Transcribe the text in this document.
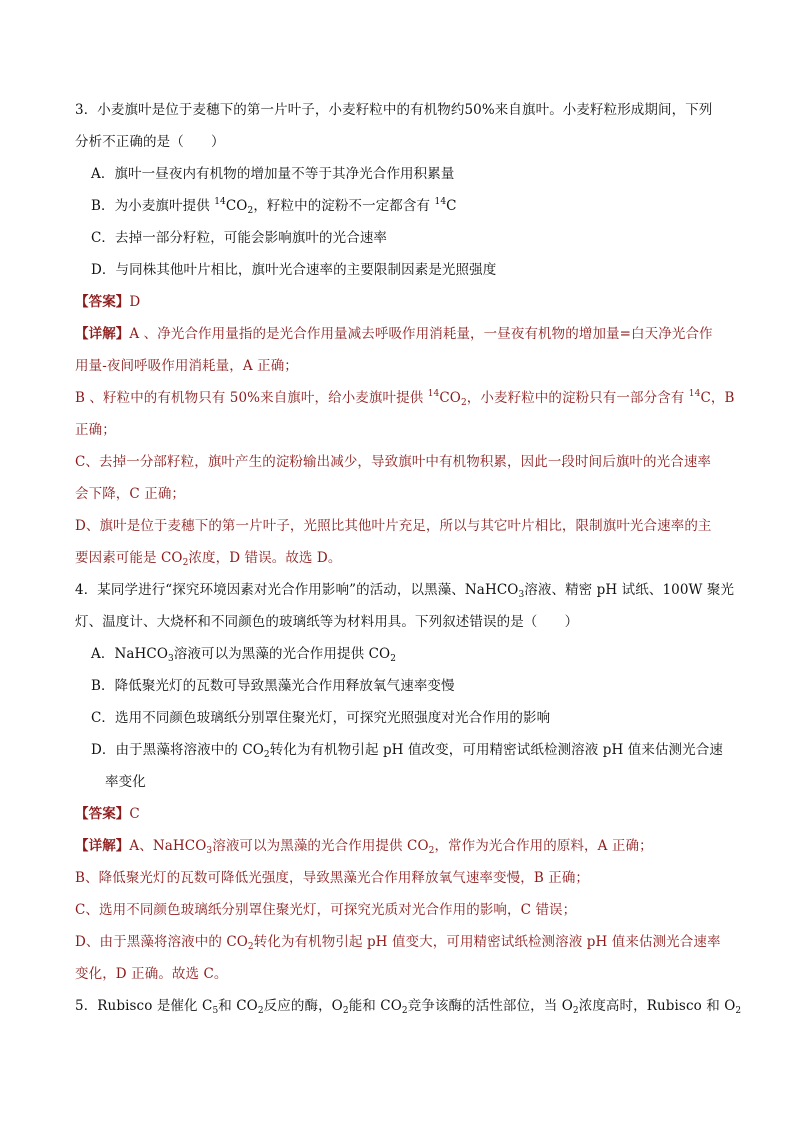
3．小麦旗叶是位于麦穗下的第一片叶子，小麦籽粒中的有机物约50%来自旗叶。小麦籽粒形成期间，下列
分析不正确的是（　　）
A．旗叶一昼夜内有机物的增加量不等于其净光合作用积累量
B．为小麦旗叶提供 $^{14}CO_2$，籽粒中的淀粉不一定都含有 $^{14}$C
C．去掉一部分籽粒，可能会影响旗叶的光合速率
D．与同株其他叶片相比，旗叶光合速率的主要限制因素是光照强度
【答案】D
【详解】A 、净光合作用量指的是光合作用量减去呼吸作用消耗量，一昼夜有机物的增加量=白天净光合作
用量-夜间呼吸作用消耗量，A 正确；
B 、籽粒中的有机物只有 50%来自旗叶，给小麦旗叶提供 $^{14}CO_2$，小麦籽粒中的淀粉只有一部分含有 $^{14}$C，B
正确；
C、去掉一分部籽粒，旗叶产生的淀粉输出减少，导致旗叶中有机物积累，因此一段时间后旗叶的光合速率
会下降，C 正确；
D、旗叶是位于麦穗下的第一片叶子，光照比其他叶片充足，所以与其它叶片相比，限制旗叶光合速率的主
要因素可能是 $CO_2$浓度，D 错误。故选 D。
4．某同学进行“探究环境因素对光合作用影响”的活动，以黑藻、NaHCO$_3$溶液、精密 pH 试纸、100W 聚光
灯、温度计、大烧杯和不同颜色的玻璃纸等为材料用具。下列叙述错误的是（　　）
A．NaHCO$_3$溶液可以为黑藻的光合作用提供 $CO_2$
B．降低聚光灯的瓦数可导致黑藻光合作用释放氧气速率变慢
C．选用不同颜色玻璃纸分别罩住聚光灯，可探究光照强度对光合作用的影响
D．由于黑藻将溶液中的 $CO_2$转化为有机物引起 pH 值改变，可用精密试纸检测溶液 pH 值来估测光合速
率变化
【答案】C
【详解】A、NaHCO$_3$溶液可以为黑藻的光合作用提供 $CO_2$，常作为光合作用的原料，A 正确；
B、降低聚光灯的瓦数可降低光强度，导致黑藻光合作用释放氧气速率变慢，B 正确；
C、选用不同颜色玻璃纸分别罩住聚光灯，可探究光质对光合作用的影响，C 错误；
D、由于黑藻将溶液中的 $CO_2$转化为有机物引起 pH 值变大，可用精密试纸检测溶液 pH 值来估测光合速率
变化，D 正确。故选 C。
5．Rubisco 是催化 $C_5$和 $CO_2$反应的酶，$O_2$能和 $CO_2$竞争该酶的活性部位，当 $O_2$浓度高时，Rubisco 和 $O_2$
